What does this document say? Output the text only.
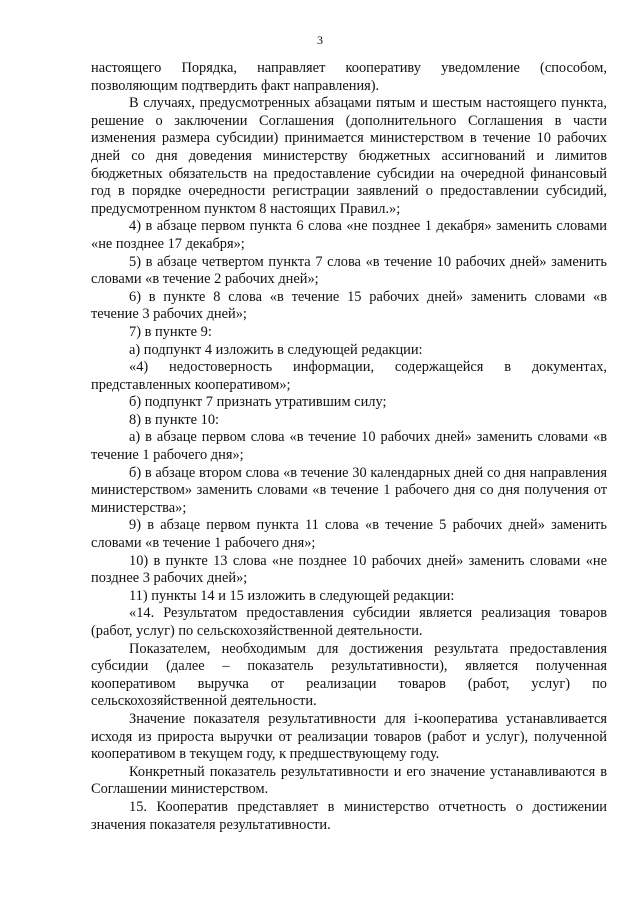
3

настоящего Порядка, направляет кооперативу уведомление (способом, позволяющим подтвердить факт направления).

В случаях, предусмотренных абзацами пятым и шестым настоящего пункта, решение о заключении Соглашения (дополнительного Соглашения в части изменения размера субсидии) принимается министерством в течение 10 рабочих дней со дня доведения министерству бюджетных ассигнований и лимитов бюджетных обязательств на предоставление субсидии на очередной финансовый год в порядке очередности регистрации заявлений о предоставлении субсидий, предусмотренном пунктом 8 настоящих Правил.»;

4) в абзаце первом пункта 6 слова «не позднее 1 декабря» заменить словами «не позднее 17 декабря»;

5) в абзаце четвертом пункта 7 слова «в течение 10 рабочих дней» заменить словами «в течение 2 рабочих дней»;

6) в пункте 8 слова «в течение 15 рабочих дней» заменить словами «в течение 3 рабочих дней»;

7) в пункте 9:

а) подпункт 4 изложить в следующей редакции:

«4) недостоверность информации, содержащейся в документах, представленных кооперативом»;

б) подпункт 7 признать утратившим силу;

8) в пункте 10:

а) в абзаце первом слова «в течение 10 рабочих дней» заменить словами «в течение 1 рабочего дня»;

б) в абзаце втором слова «в течение 30 календарных дней со дня направления министерством» заменить словами «в течение 1 рабочего дня со дня получения от министерства»;

9) в абзаце первом пункта 11 слова «в течение 5 рабочих дней» заменить словами «в течение 1 рабочего дня»;

10) в пункте 13 слова «не позднее 10 рабочих дней» заменить словами «не позднее 3 рабочих дней»;

11) пункты 14 и 15 изложить в следующей редакции:

«14. Результатом предоставления субсидии является реализация товаров (работ, услуг) по сельскохозяйственной деятельности.

Показателем, необходимым для достижения результата предоставления субсидии (далее – показатель результативности), является полученная кооперативом выручка от реализации товаров (работ, услуг) по сельскохозяйственной деятельности.

Значение показателя результативности для i-кооператива устанавливается исходя из прироста выручки от реализации товаров (работ и услуг), полученной кооперативом в текущем году, к предшествующему году.

Конкретный показатель результативности и его значение устанавливаются в Соглашении министерством.

15. Кооператив представляет в министерство отчетность о достижении значения показателя результативности.
